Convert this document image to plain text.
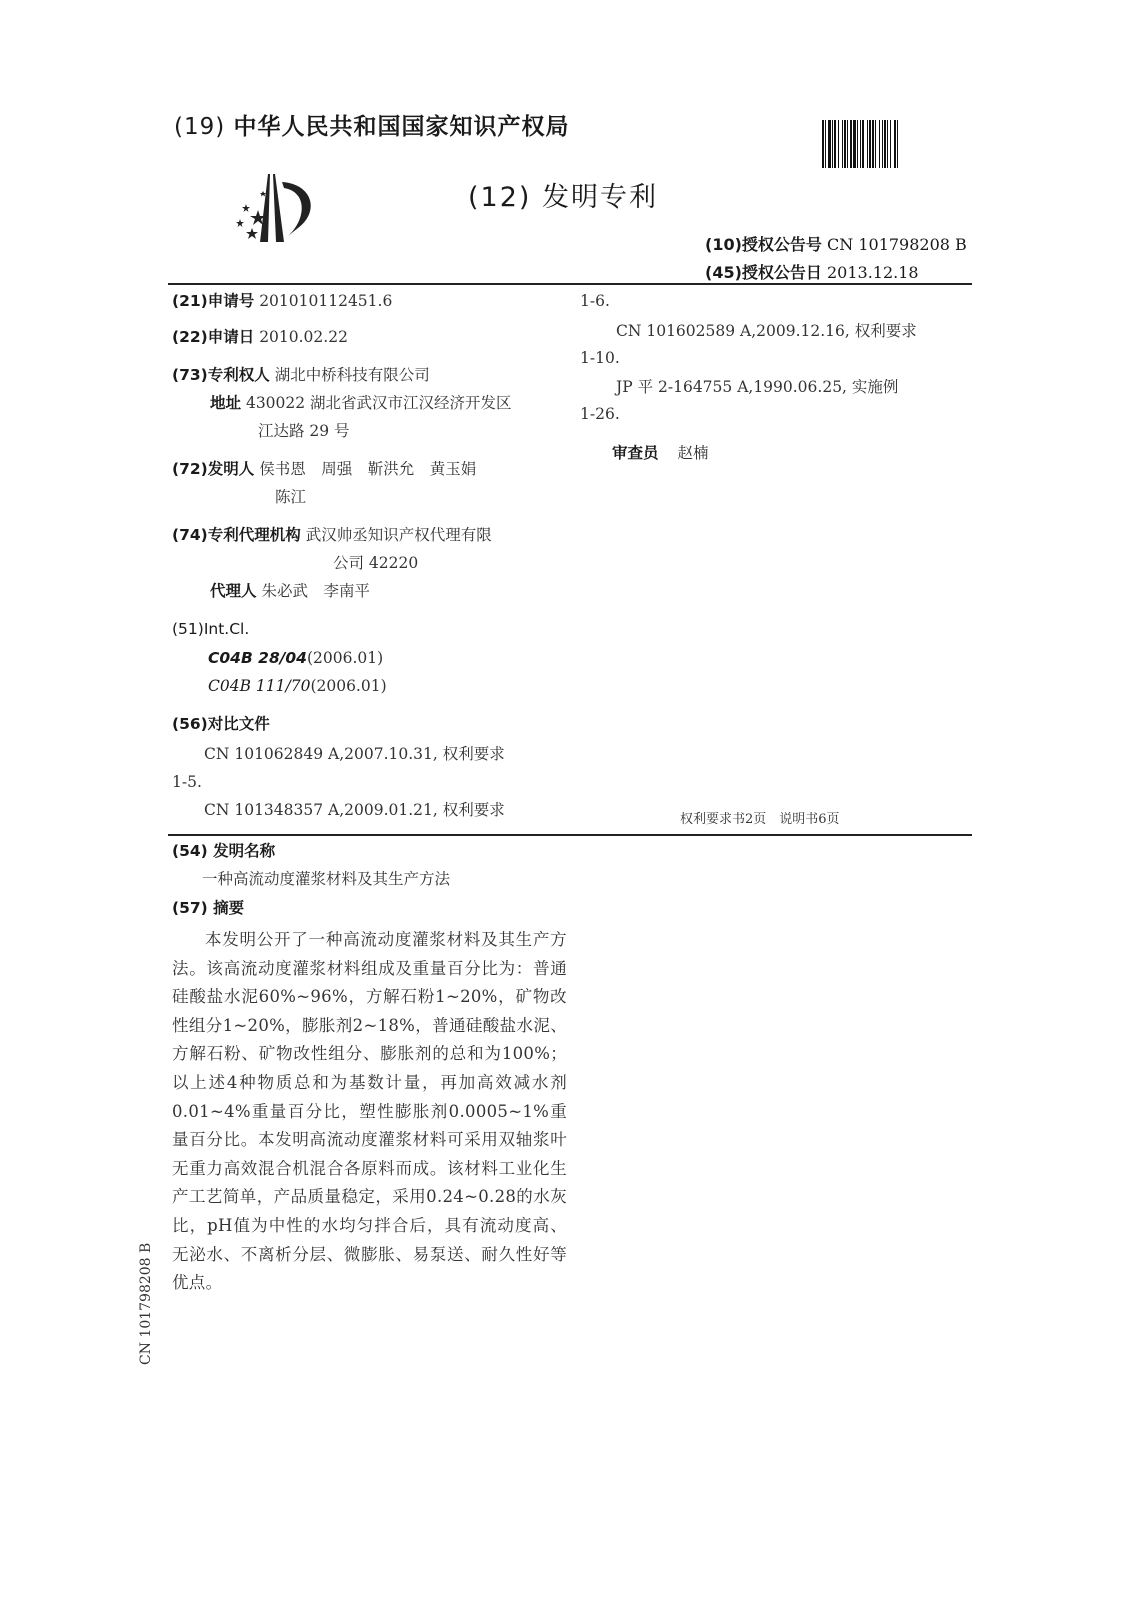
(19) 中华人民共和国国家知识产权局
(12) 发明专利
(10)授权公告号 CN 101798208 B
(45)授权公告日 2013.12.18
(21)申请号 201010112451.6
(22)申请日 2010.02.22
(73)专利权人 湖北中桥科技有限公司
地址 430022 湖北省武汉市江汉经济开发区
江达路 29 号
(72)发明人 侯书恩　周强　靳洪允　黄玉娟
陈江
(74)专利代理机构 武汉帅丞知识产权代理有限
公司 42220
代理人 朱必武　李南平
(51)Int.Cl.
C04B 28/04(2006.01)
C04B 111/70(2006.01)
(56)对比文件
CN 101062849 A,2007.10.31, 权利要求
1-5.
CN 101348357 A,2009.01.21, 权利要求
1-6.
CN 101602589 A,2009.12.16, 权利要求
1-10.
JP 平 2-164755 A,1990.06.25, 实施例
1-26.
审查员 赵楠
权利要求书2页　说明书6页
(54) 发明名称
一种高流动度灌浆材料及其生产方法
(57) 摘要
本发明公开了一种高流动度灌浆材料及其生产方法。该高流动度灌浆材料组成及重量百分比为：普通硅酸盐水泥60%~96%，方解石粉1~20%，矿物改性组分1~20%，膨胀剂2~18%，普通硅酸盐水泥、方解石粉、矿物改性组分、膨胀剂的总和为100%；以上述4种物质总和为基数计量，再加高效减水剂0.01~4%重量百分比，塑性膨胀剂0.0005~1%重量百分比。本发明高流动度灌浆材料可采用双轴浆叶无重力高效混合机混合各原料而成。该材料工业化生产工艺简单，产品质量稳定，采用0.24~0.28的水灰比，pH值为中性的水均匀拌合后，具有流动度高、无泌水、不离析分层、微膨胀、易泵送、耐久性好等优点。
CN 101798208 B
